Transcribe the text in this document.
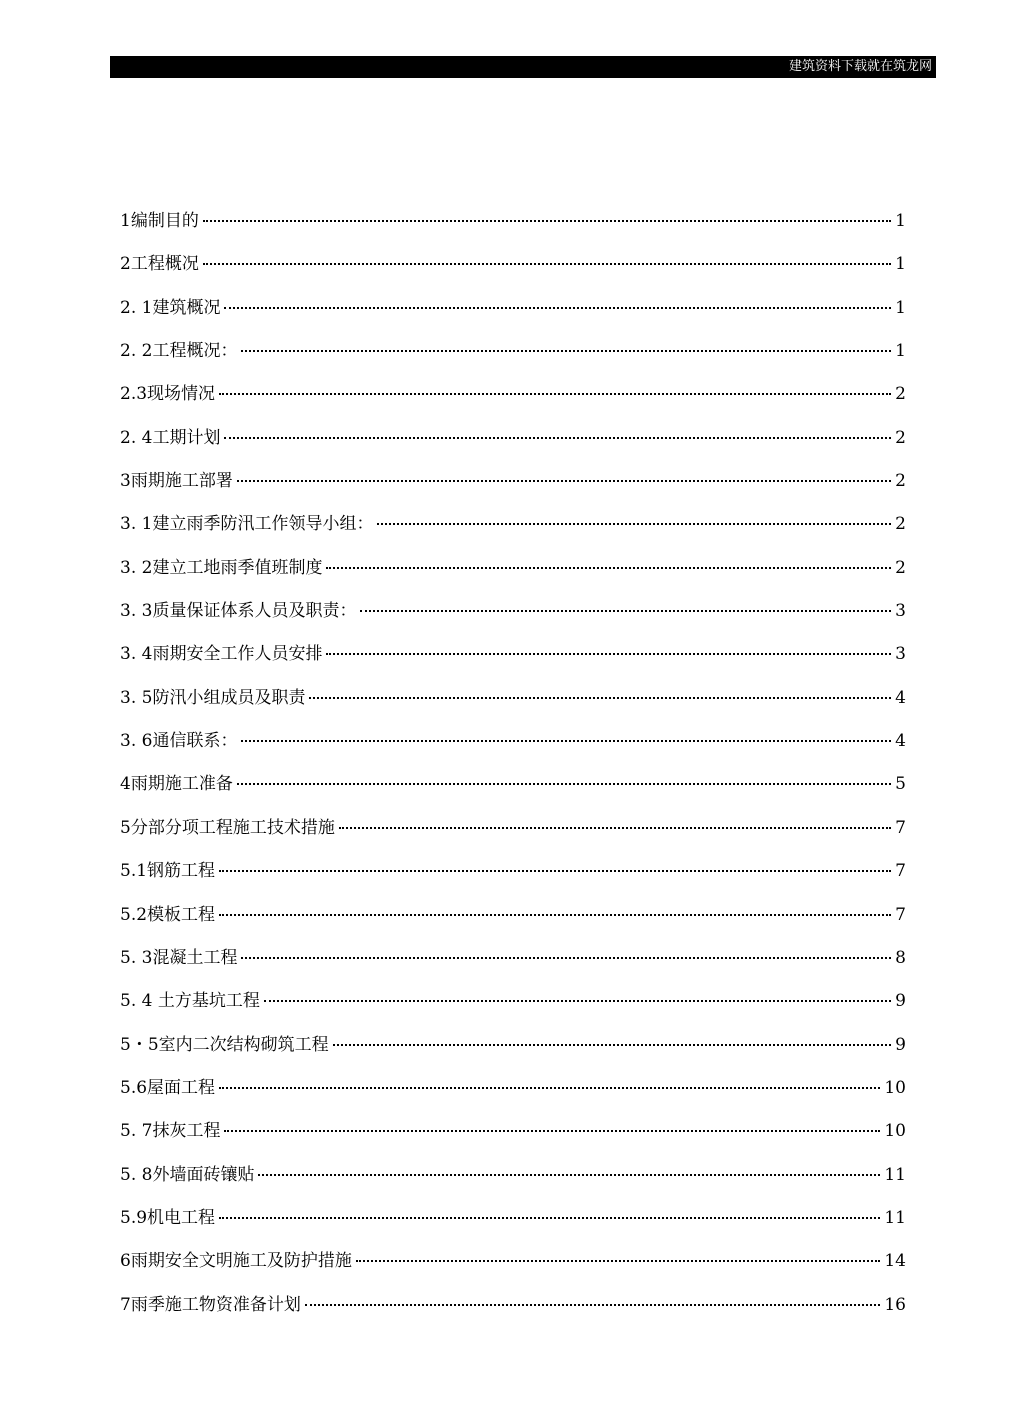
建筑资料下载就在筑龙网
1编制目的	1
2工程概况	1
2. 1建筑概况	1
2. 2工程概况：	1
2.3现场情况	2
2. 4工期计划	2
3雨期施工部署	2
3. 1建立雨季防汛工作领导小组：	2
3. 2建立工地雨季值班制度	2
3. 3质量保证体系人员及职责：	3
3. 4雨期安全工作人员安排	3
3. 5防汛小组成员及职责	4
3. 6通信联系：	4
4雨期施工准备	5
5分部分项工程施工技术措施	7
5.1钢筋工程	7
5.2模板工程	7
5. 3混凝土工程	8
5. 4 土方基坑工程	9
5・5室内二次结构砌筑工程	9
5.6屋面工程	10
5. 7抹灰工程	10
5. 8外墙面砖镶贴	11
5.9机电工程	11
6雨期安全文明施工及防护措施	14
7雨季施工物资准备计划	16
